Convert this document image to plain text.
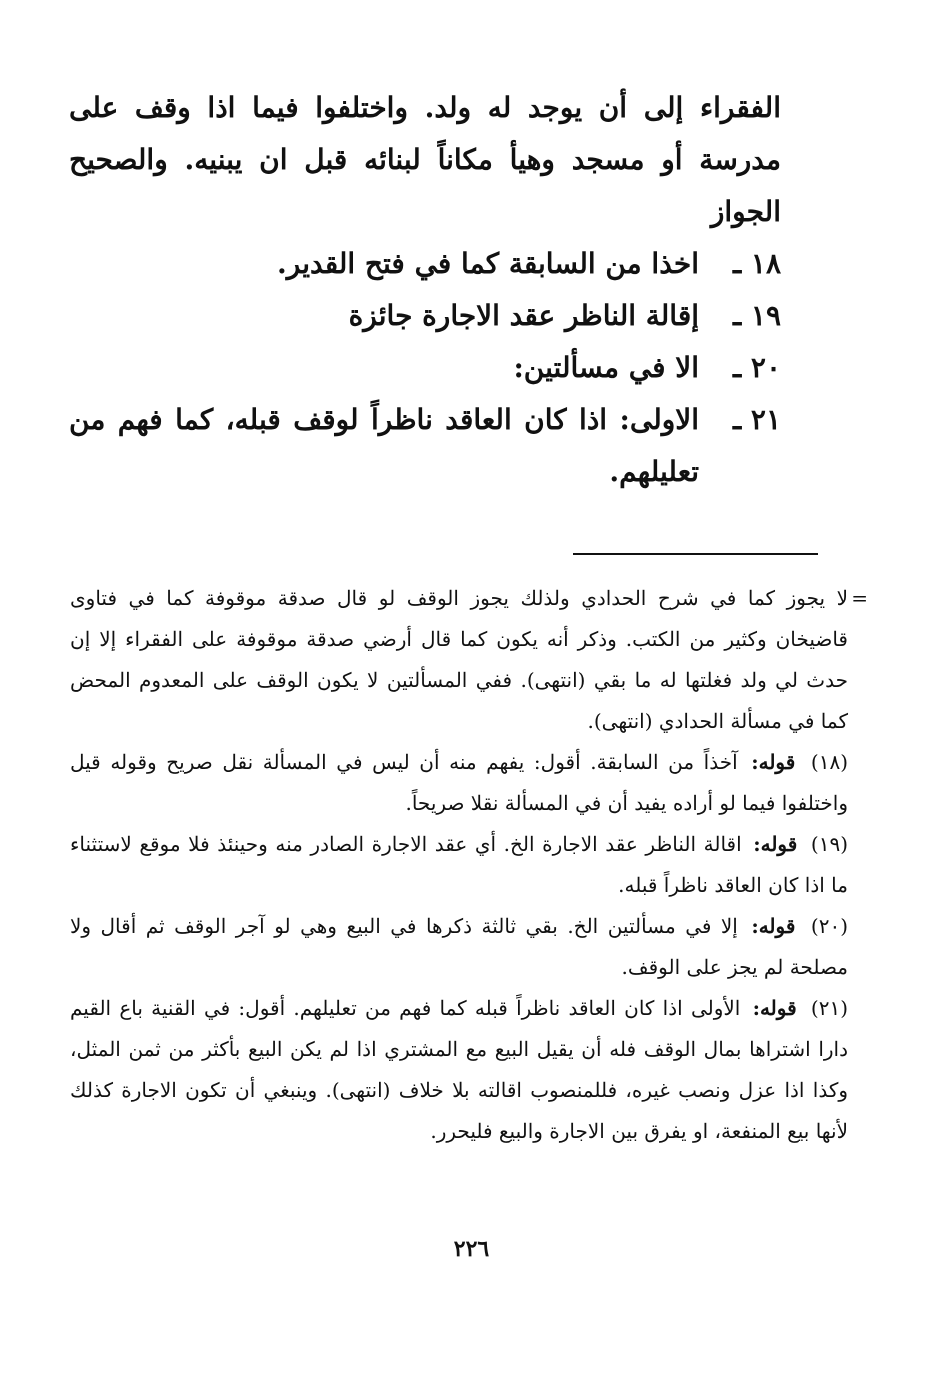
الفقراء إلى أن يوجد له ولد. واختلفوا فيما اذا وقف على مدرسة أو مسجد وهيأ مكاناً لبنائه قبل ان يبنيه. والصحيح الجواز

١٨ ـ
اخذا من السابقة كما في فتح القدير.
١٩ ـ
إقالة الناظر عقد الاجارة جائزة
٢٠ ـ
الا في مسألتين:
٢١ ـ
الاولى: اذا كان العاقد ناظراً لوقف قبله، كما فهم من تعليلهم.

=
لا يجوز كما في شرح الحدادي ولذلك يجوز الوقف لو قال صدقة موقوفة كما في فتاوى قاضيخان وكثير من الكتب. وذكر أنه يكون كما قال أرضي صدقة موقوفة على الفقراء إلا إن حدث لي ولد فغلتها له ما بقي (انتهى). ففي المسألتين لا يكون الوقف على المعدوم المحض كما في مسألة الحدادي (انتهى).

(١٨) قوله: آخذاً من السابقة. أقول: يفهم منه أن ليس في المسألة نقل صريح وقوله قيل واختلفوا فيما لو أراده يفيد أن في المسألة نقلا صريحاً.

(١٩) قوله: اقالة الناظر عقد الاجارة الخ. أي عقد الاجارة الصادر منه وحينئذ فلا موقع لاستثناء ما اذا كان العاقد ناظراً قبله.

(٢٠) قوله: إلا في مسألتين الخ. بقي ثالثة ذكرها في البيع وهي لو آجر الوقف ثم أقال ولا مصلحة لم يجز على الوقف.

(٢١) قوله: الأولى اذا كان العاقد ناظراً قبله كما فهم من تعليلهم. أقول: في القنية باع القيم دارا اشتراها بمال الوقف فله أن يقيل البيع مع المشتري اذا لم يكن البيع بأكثر من ثمن المثل، وكذا اذا عزل ونصب غيره، فللمنصوب اقالته بلا خلاف (انتهى). وينبغي أن تكون الاجارة كذلك لأنها بيع المنفعة، او يفرق بين الاجارة والبيع فليحرر.

٢٢٦
